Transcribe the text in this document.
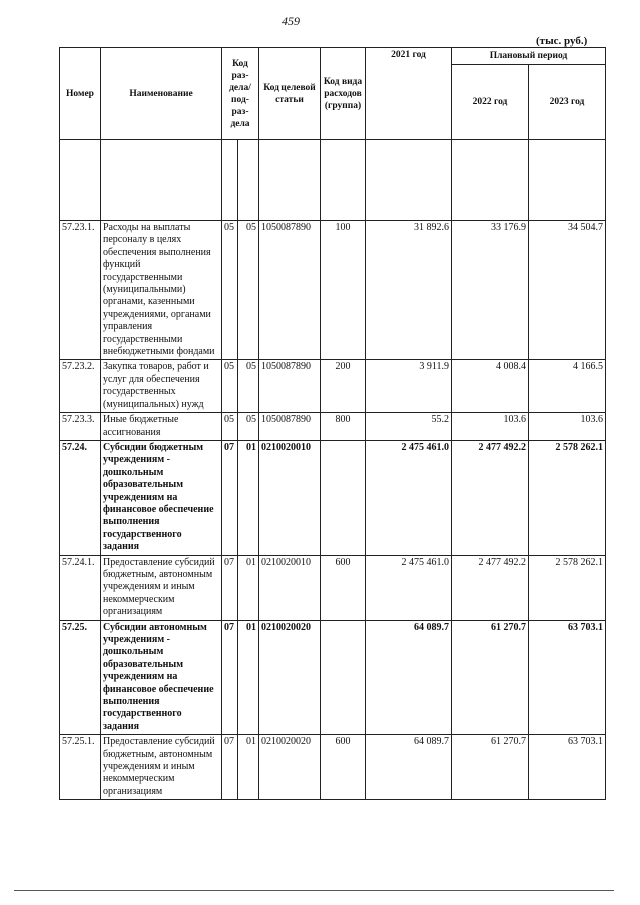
459
(тыс. руб.)
Номер	Наименование	Код раз- дела/ под- раз- дела		Код целевой статьи	Код вида расходов (группа)	2021 год	Плановый период	
							2022 год	2023 год

57.23.1.	Расходы на выплаты персоналу в целях обеспечения выполнения функций государственными (муниципальными) органами, казенными учреждениями, органами управления государственными внебюджетными фондами	05	05	1050087890	100	31 892.6	33 176.9	34 504.7
57.23.2.	Закупка товаров, работ и услуг для обеспечения государственных (муниципальных) нужд	05	05	1050087890	200	3 911.9	4 008.4	4 166.5
57.23.3.	Иные бюджетные ассигнования	05	05	1050087890	800	55.2	103.6	103.6
57.24.	Субсидии бюджетным учреждениям - дошкольным образовательным учреждениям на финансовое обеспечение выполнения государственного задания	07	01	0210020010		2 475 461.0	2 477 492.2	2 578 262.1
57.24.1.	Предоставление субсидий бюджетным, автономным учреждениям и иным некоммерческим организациям	07	01	0210020010	600	2 475 461.0	2 477 492.2	2 578 262.1
57.25.	Субсидии автономным учреждениям - дошкольным образовательным учреждениям на финансовое обеспечение выполнения государственного задания	07	01	0210020020		64 089.7	61 270.7	63 703.1
57.25.1.	Предоставление субсидий бюджетным, автономным учреждениям и иным некоммерческим организациям	07	01	0210020020	600	64 089.7	61 270.7	63 703.1
